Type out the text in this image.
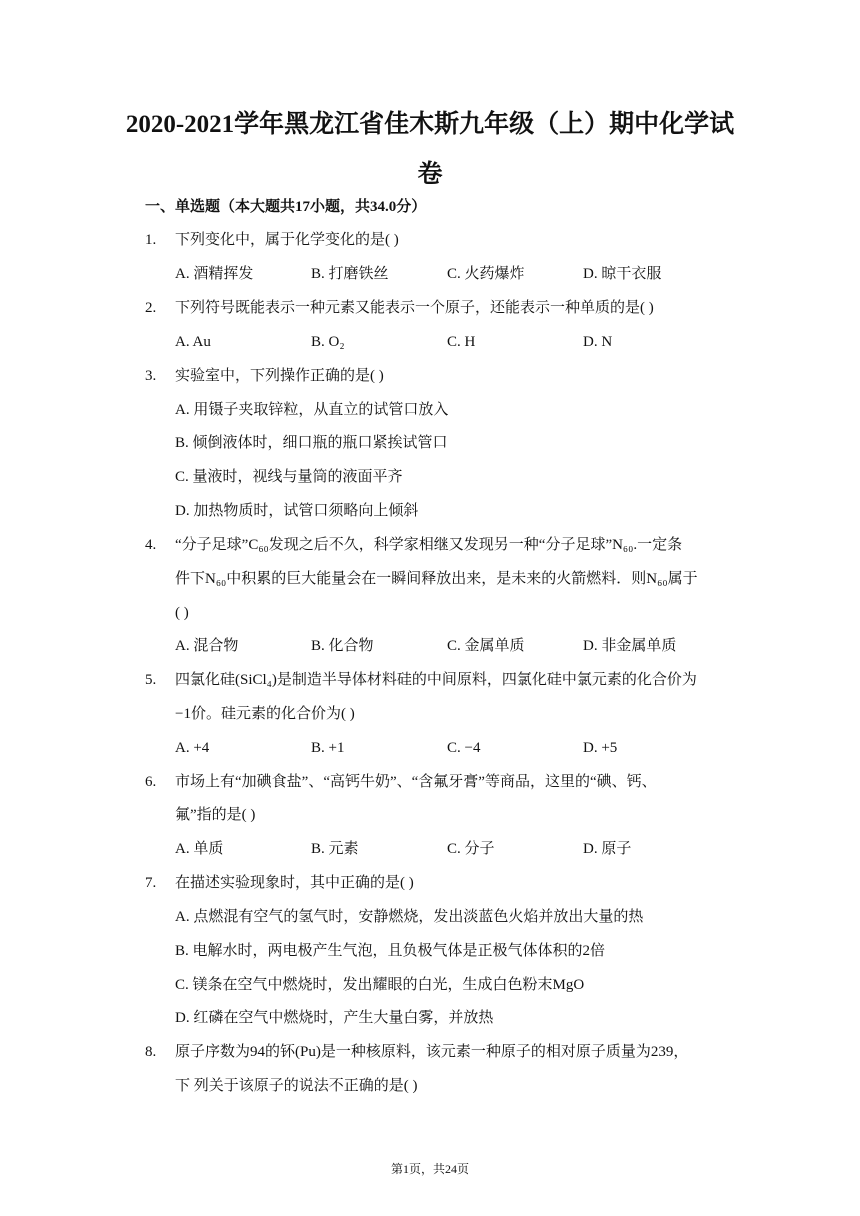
2020-2021学年黑龙江省佳木斯九年级（上）期中化学试
卷
一、单选题（本大题共17小题，共34.0分）
1. 下列变化中，属于化学变化的是( )
A. 酒精挥发	B. 打磨铁丝	C. 火药爆炸	D. 晾干衣服
2. 下列符号既能表示一种元素又能表示一个原子，还能表示一种单质的是( )
A. Au	B. O₂	C. H	D. N
3. 实验室中，下列操作正确的是( )
A. 用镊子夹取锌粒，从直立的试管口放入
B. 倾倒液体时，细口瓶的瓶口紧挨试管口
C. 量液时，视线与量筒的液面平齐
D. 加热物质时，试管口须略向上倾斜
4. “分子足球”C₆₀发现之后不久，科学家相继又发现另一种“分子足球”N₆₀.一定条
件下N₆₀中积累的巨大能量会在一瞬间释放出来，是未来的火箭燃料．则N₆₀属于
( )
A. 混合物	B. 化合物	C. 金属单质	D. 非金属单质
5. 四氯化硅(SiCl₄)是制造半导体材料硅的中间原料，四氯化硅中氯元素的化合价为
−1价。硅元素的化合价为( )
A. +4	B. +1	C. −4	D. +5
6. 市场上有“加碘食盐”、“高钙牛奶”、“含氟牙膏”等商品，这里的“碘、钙、
氟”指的是( )
A. 单质	B. 元素	C. 分子	D. 原子
7. 在描述实验现象时，其中正确的是( )
A. 点燃混有空气的氢气时，安静燃烧，发出淡蓝色火焰并放出大量的热
B. 电解水时，两电极产生气泡，且负极气体是正极气体体积的2倍
C. 镁条在空气中燃烧时，发出耀眼的白光，生成白色粉末MgO
D. 红磷在空气中燃烧时，产生大量白雾，并放热
8. 原子序数为94的钚(Pu)是一种核原料，该元素一种原子的相对原子质量为239，
下 列关于该原子的说法不正确的是( )
第1页，共24页
